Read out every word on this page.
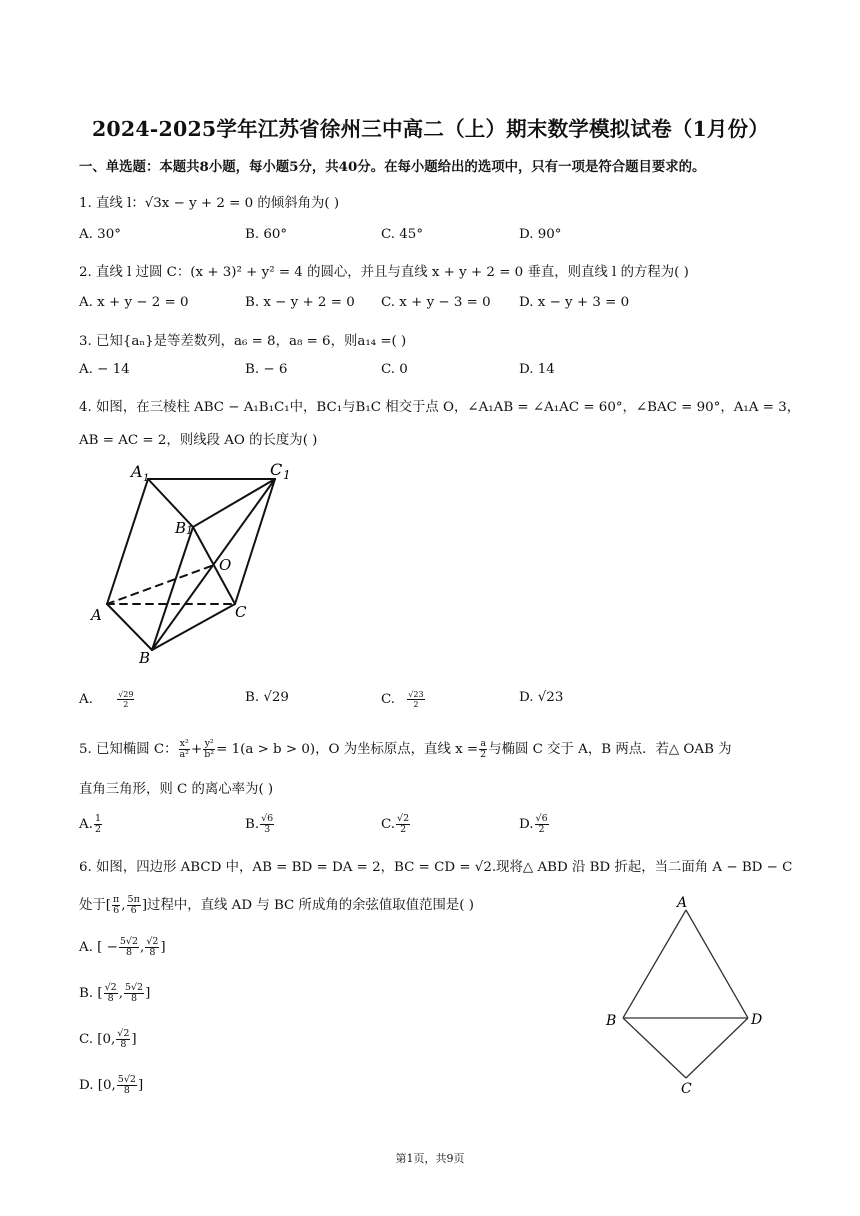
2024-2025学年江苏省徐州三中高二（上）期末数学模拟试卷（1月份）
一、单选题：本题共8小题，每小题5分，共40分。在每小题给出的选项中，只有一项是符合题目要求的。
1. 直线 l：√3x − y + 2 = 0 的倾斜角为( )
A. 30°	B. 60°	C. 45°	D. 90°
2. 直线 l 过圆 C：(x + 3)² + y² = 4 的圆心，并且与直线 x + y + 2 = 0 垂直，则直线 l 的方程为( )
A. x + y − 2 = 0	B. x − y + 2 = 0 C. x + y − 3 = 0 D. x − y + 3 = 0
3. 已知{aₙ}是等差数列，a₆ = 8，a₈ = 6，则a₁₄ =( )
A. − 14	B. − 6	C. 0	D. 14
4. 如图，在三棱柱 ABC − A₁B₁C₁中，BC₁与B₁C 相交于点 O，∠A₁AB = ∠A₁AC = 60°，∠BAC = 90°，A₁A = 3，
AB = AC = 2，则线段 AO 的长度为( )
A 1	C 1
B 1
O
A	C
B
A.	$\frac{√29}{2}$	B. √29	C. $\frac{√23}{2}$	D. √23
5. 已知椭圆 C： $\frac{\text{x²}}{\text{a²}} + \frac{\text{y²}}{\text{b²}} = 1(a > b > 0)$，O 为坐标原点，直线 $x = \frac{a}{2}$ 与椭圆 C 交于 A，B 两点．若△ OAB 为
直角三角形，则 C 的离心率为( )
A. $\frac{1}{2}$	B. $\frac{√6}{3}$	C. $\frac{√2}{2}$	D. $\frac{√6}{2}$
6. 如图，四边形 ABCD 中，AB = BD = DA = 2，BC = CD = √2.现将△ ABD 沿 BD 折起，当二面角 A − BD − C
处于[ $\frac{\pi}{6}$ , $\frac{5\pi}{6}$ ]过程中，直线 AD 与 BC 所成角的余弦值取值范围是( )
A. [ − $\frac{5√2}{8}$ , $\frac{√2}{8}$ ]
B. [ $\frac{√2}{8}$ , $\frac{5√2}{8}$ ]
C. [0, $\frac{√2}{8}$ ]
D. [0, $\frac{5√2}{8}$ ]
A
B	D
C
第1页，共9页
